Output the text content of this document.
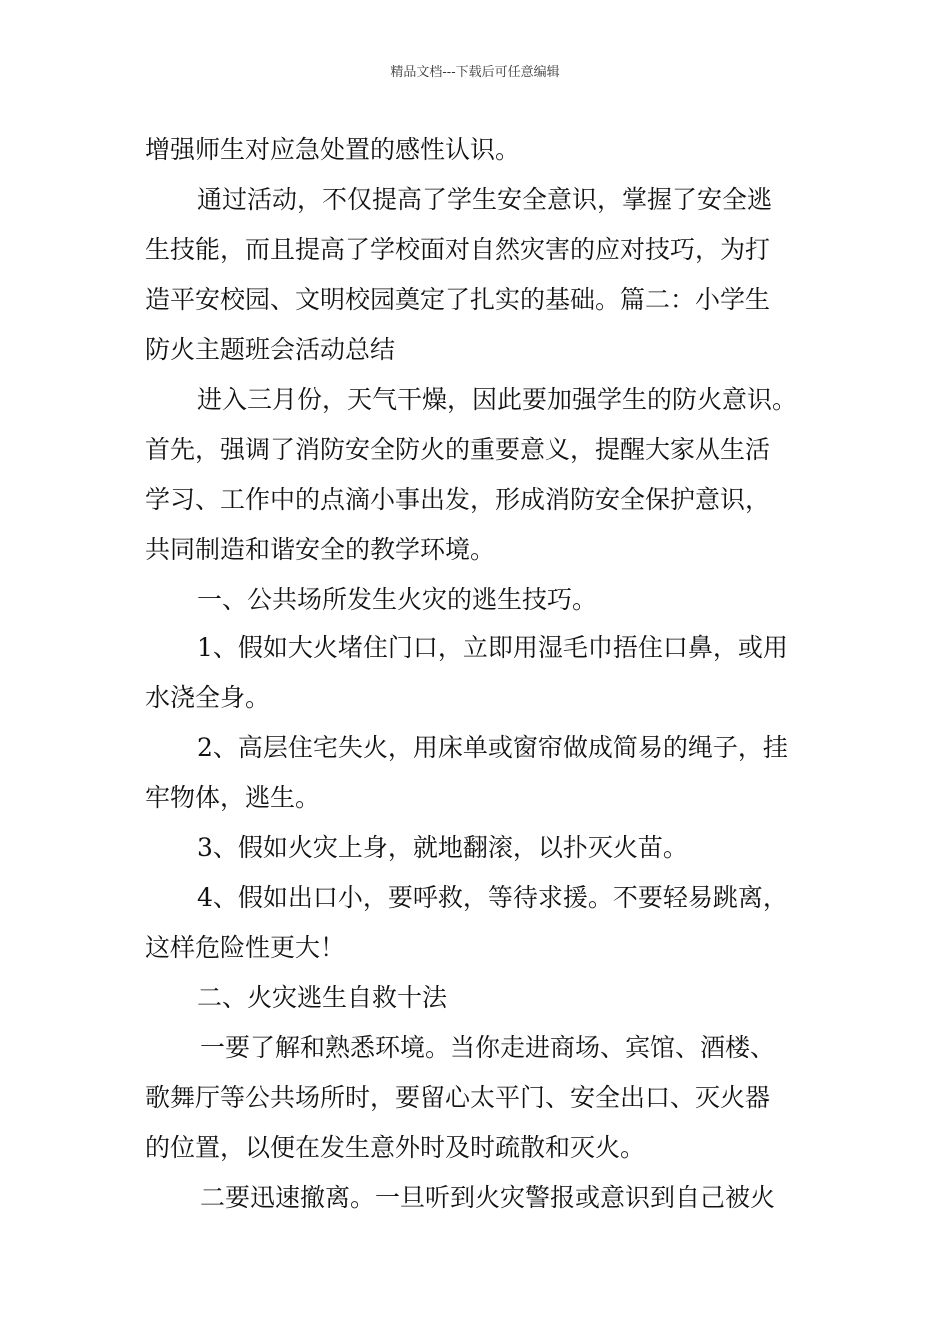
精品文档---下载后可任意编辑
增强师生对应急处置的感性认识。
通过活动，不仅提高了学生安全意识，掌握了安全逃
生技能，而且提高了学校面对自然灾害的应对技巧，为打
造平安校园、文明校园奠定了扎实的基础。篇二：小学生
防火主题班会活动总结
进入三月份，天气干燥，因此要加强学生的防火意识。
首先，强调了消防安全防火的重要意义，提醒大家从生活
学习、工作中的点滴小事出发，形成消防安全保护意识，
共同制造和谐安全的教学环境。
一、公共场所发生火灾的逃生技巧。
1、假如大火堵住门口，立即用湿毛巾捂住口鼻，或用
水浇全身。
2、高层住宅失火，用床单或窗帘做成简易的绳子，挂
牢物体，逃生。
3、假如火灾上身，就地翻滚，以扑灭火苗。
4、假如出口小，要呼救，等待求援。不要轻易跳离，
这样危险性更大！
二、火灾逃生自救十法
一要了解和熟悉环境。当你走进商场、宾馆、酒楼、
歌舞厅等公共场所时，要留心太平门、安全出口、灭火器
的位置，以便在发生意外时及时疏散和灭火。
二要迅速撤离。一旦听到火灾警报或意识到自己被火
